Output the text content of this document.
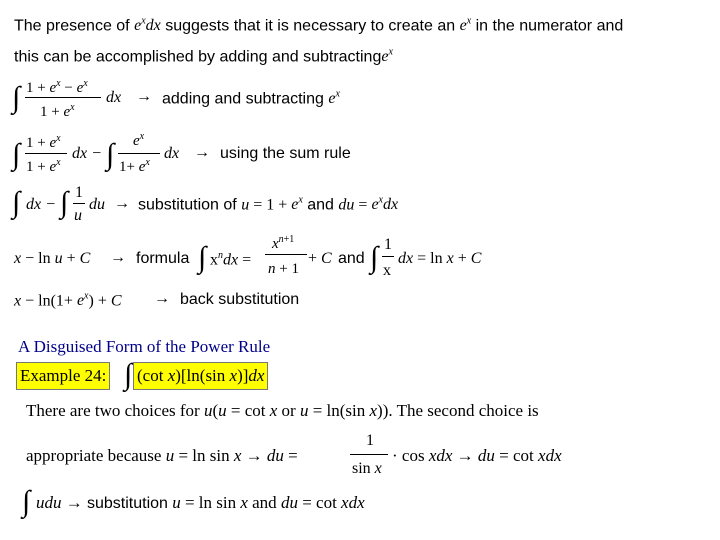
The presence of $e^xdx$ suggests that it is necessary to create an $e^x$ in the numerator and
this can be accomplished by adding and subtractinge$^x$
∫ $1 + e^x - e^x$
$1 + e^x$
dx → adding and subtracting $e^x$
∫ $1 + e^x$
$1 + e^x$
dx − ∫ $e^x$
$1+ e^x$
dx → using the sum rule
∫ dx − ∫ 1
u
du → substitution of $u = 1 + e^x$ and du = $e^xdx$
x − ln u + C → formula ∫ $x^ndx$ =
$x^{n+1}$
n + 1
+ C and ∫ 1
x
dx = ln x + C
$x - \ln(1+ e^x) + C$ → back substitution
A Disguised Form of the Power Rule
Example 24: ∫ (cot x)[ln(sin x)]dx
There are two choices for u(u = cot x or u = ln(sin x)). The second choice is
appropriate because u = ln sin x → du =
1
sin x
· cos xdx → du = cot xdx
∫ udu → substitution u = ln sin x and du = cot xdx
